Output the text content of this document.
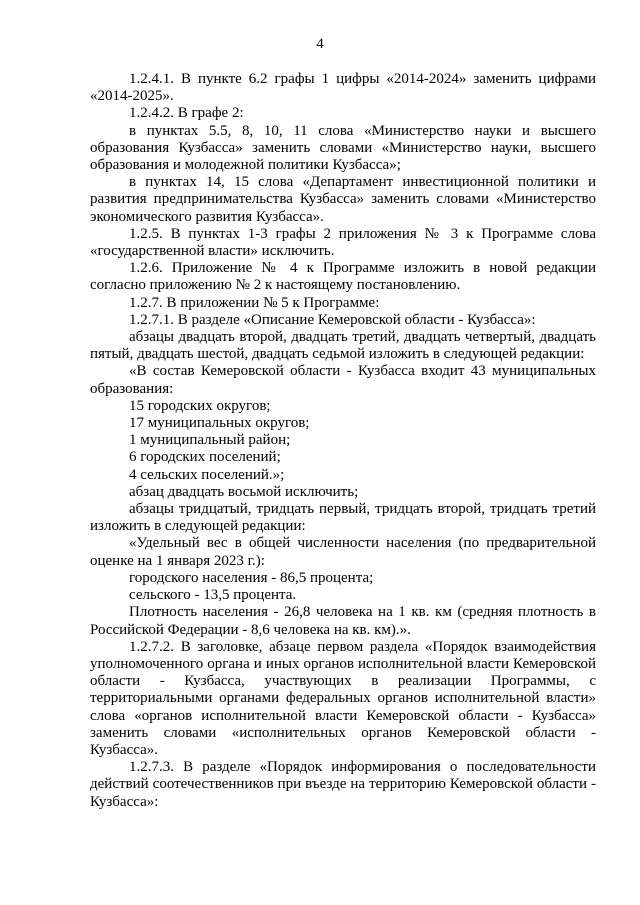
4

1.2.4.1. В пункте 6.2 графы 1 цифры «2014-2024» заменить цифрами «2014-2025».

1.2.4.2. В графе 2:

в пунктах 5.5, 8, 10, 11 слова «Министерство науки и высшего образования Кузбасса» заменить словами «Министерство науки, высшего образования и молодежной политики Кузбасса»;

в пунктах 14, 15 слова «Департамент инвестиционной политики и развития предпринимательства Кузбасса» заменить словами «Министерство экономического развития Кузбасса».

1.2.5. В пунктах 1-3 графы 2 приложения № 3 к Программе слова «государственной власти» исключить.

1.2.6. Приложение № 4 к Программе изложить в новой редакции согласно приложению № 2 к настоящему постановлению.

1.2.7. В приложении № 5 к Программе:

1.2.7.1. В разделе «Описание Кемеровской области - Кузбасса»:

абзацы двадцать второй, двадцать третий, двадцать четвертый, двадцать пятый, двадцать шестой, двадцать седьмой изложить в следующей редакции:

«В состав Кемеровской области - Кузбасса входит 43 муниципальных образования:

15 городских округов;

17 муниципальных округов;

1 муниципальный район;

6 городских поселений;

4 сельских поселений.»;

абзац двадцать восьмой исключить;

абзацы тридцатый, тридцать первый, тридцать второй, тридцать третий изложить в следующей редакции:

«Удельный вес в общей численности населения (по предварительной оценке на 1 января 2023 г.):

городского населения - 86,5 процента;

сельского - 13,5 процента.

Плотность населения - 26,8 человека на 1 кв. км (средняя плотность в Российской Федерации - 8,6 человека на кв. км).».

1.2.7.2. В заголовке, абзаце первом раздела «Порядок взаимодействия уполномоченного органа и иных органов исполнительной власти Кемеровской области - Кузбасса, участвующих в реализации Программы, с территориальными органами федеральных органов исполнительной власти» слова «органов исполнительной власти Кемеровской области - Кузбасса» заменить словами «исполнительных органов Кемеровской области - Кузбасса».

1.2.7.3. В разделе «Порядок информирования о последовательности действий соотечественников при въезде на территорию Кемеровской области - Кузбасса»:
